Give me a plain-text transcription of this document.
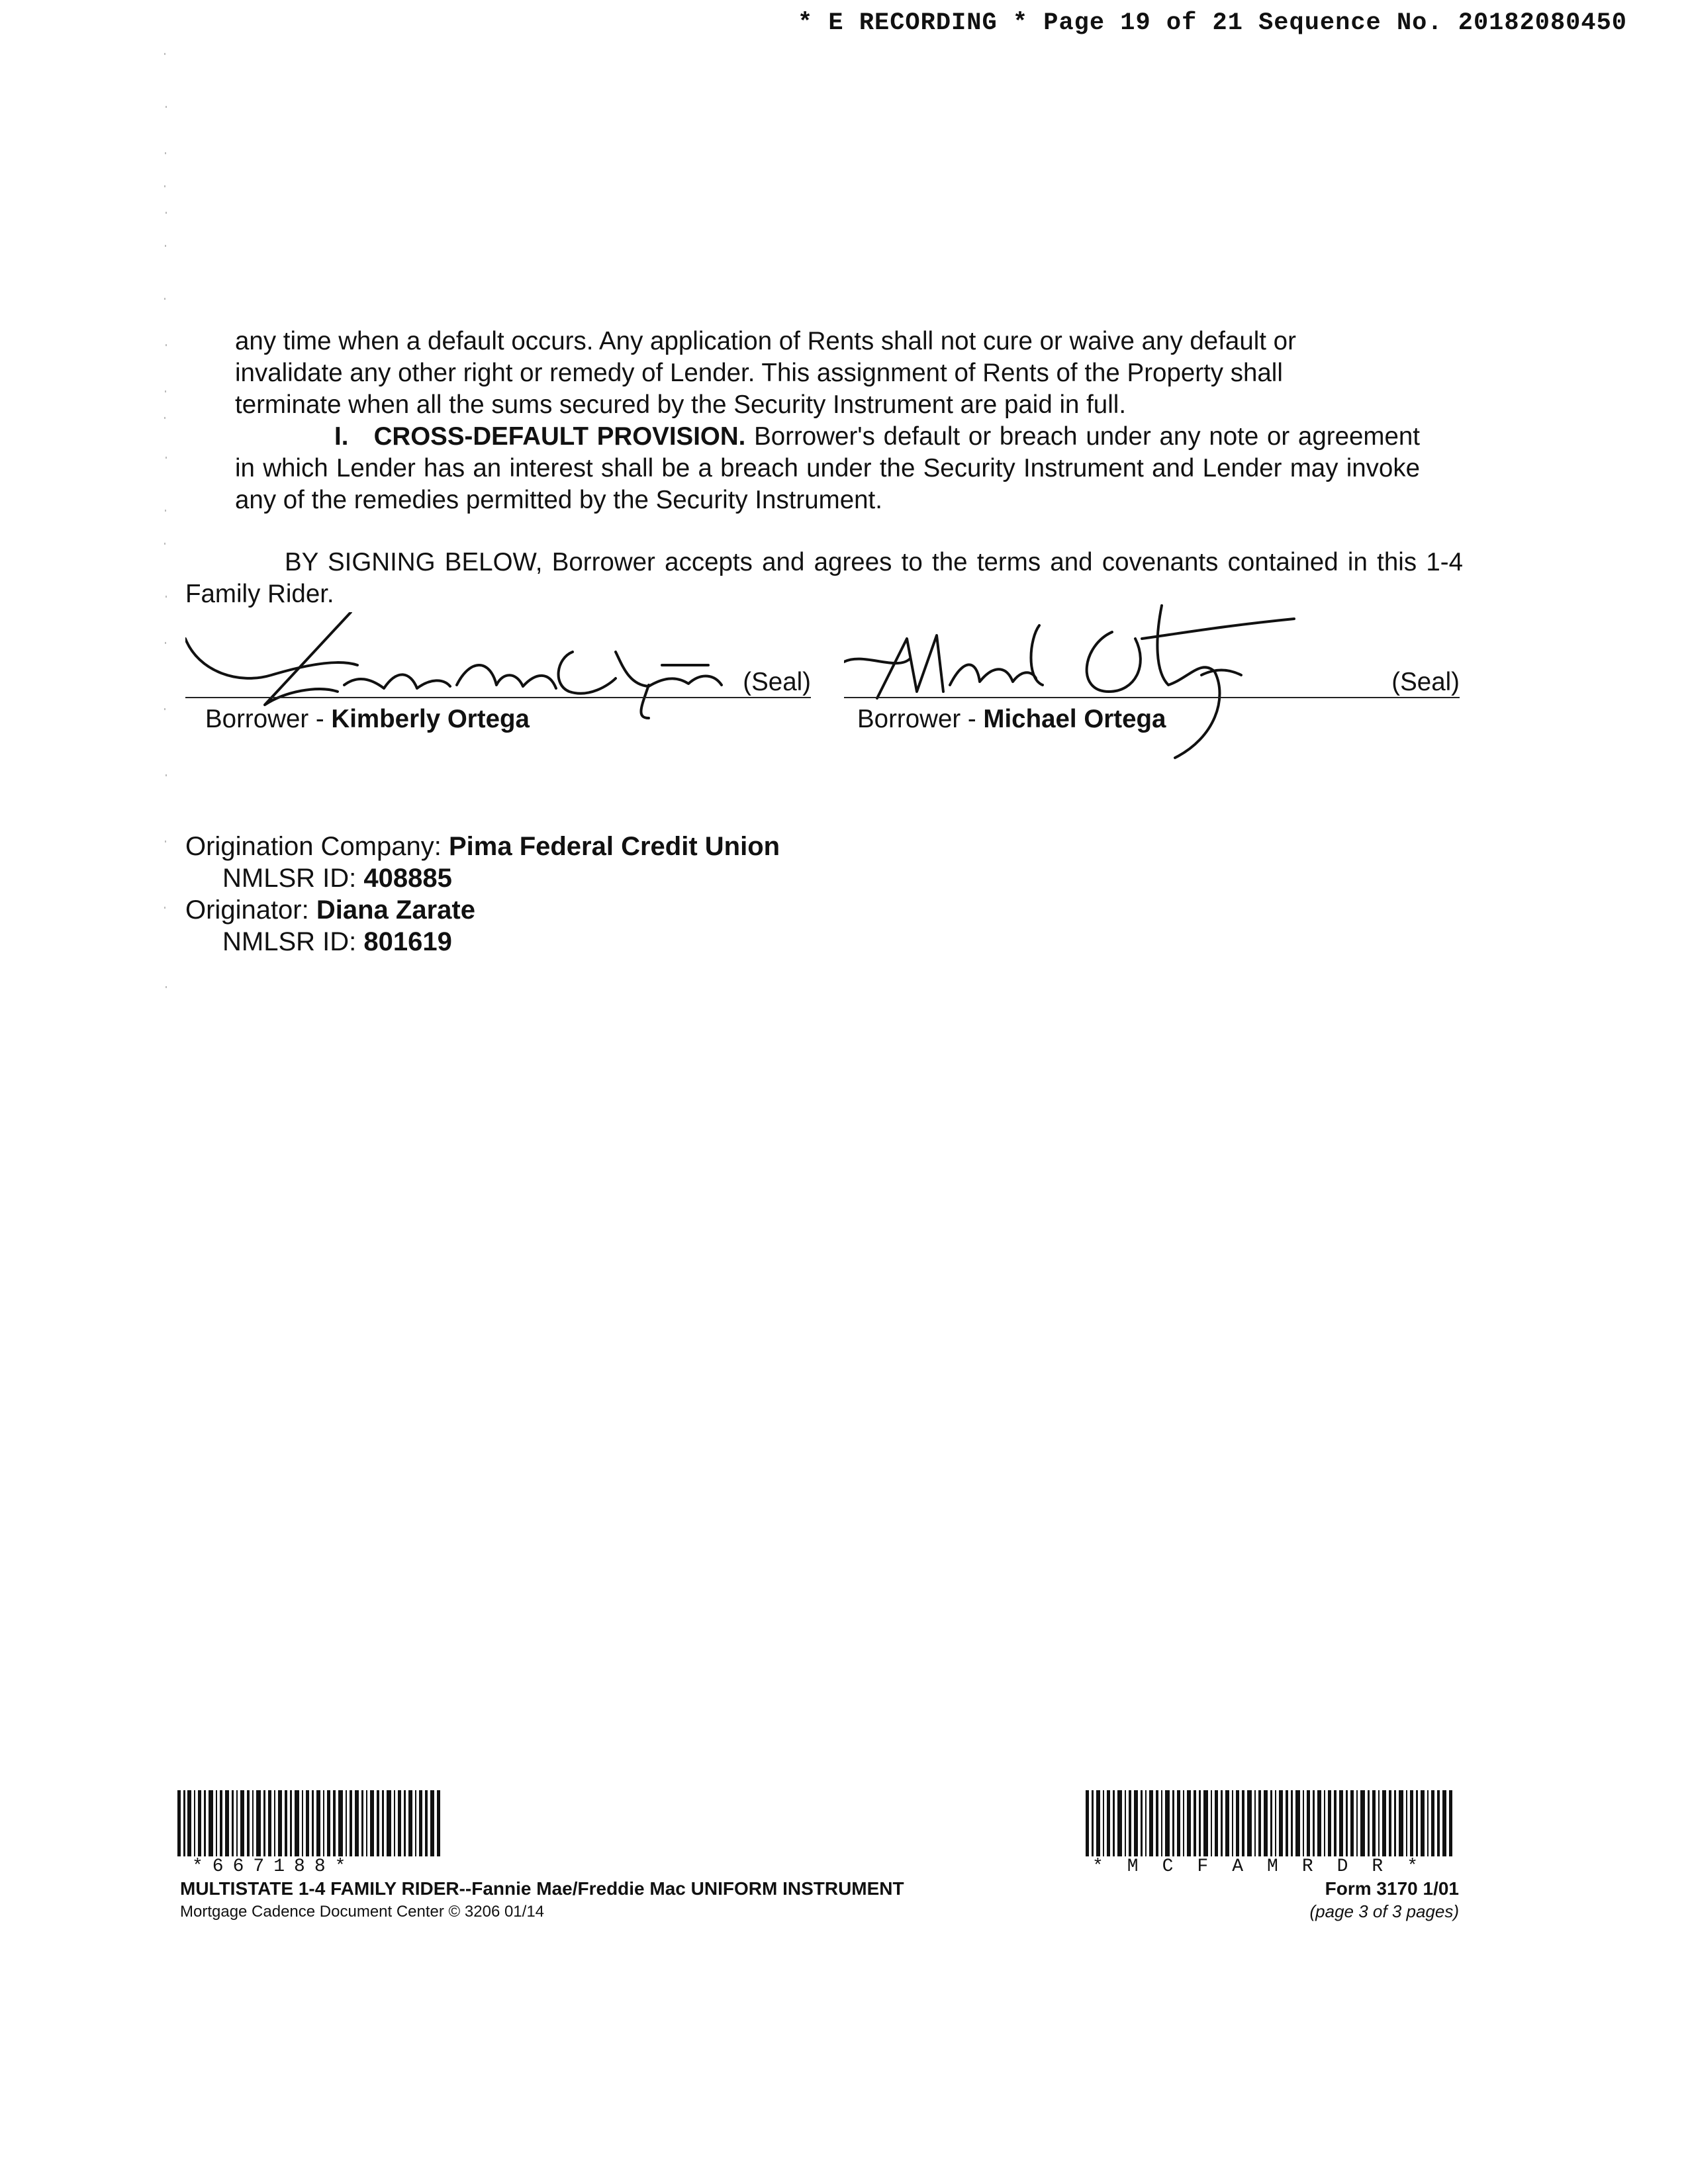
* E RECORDING * Page 19 of 21 Sequence No. 20182080450
any time when a default occurs. Any application of Rents shall not cure or waive any default or
invalidate any other right or remedy of Lender. This assignment of Rents of the Property shall
terminate when all the sums secured by the Security Instrument are paid in full.
I. CROSS-DEFAULT PROVISION. Borrower's default or breach under any note or agreement in which Lender has an interest shall be a breach under the Security Instrument and Lender may invoke any of the remedies permitted by the Security Instrument.
BY SIGNING BELOW, Borrower accepts and agrees to the terms and covenants contained in this 1-4 Family Rider.
(Seal)
Borrower - Kimberly Ortega
(Seal)
Borrower - Michael Ortega
Origination Company: Pima Federal Credit Union
NMLSR ID: 408885
Originator: Diana Zarate
NMLSR ID: 801619
*667188*
MULTISTATE 1-4 FAMILY RIDER--Fannie Mae/Freddie Mac UNIFORM INSTRUMENT
Mortgage Cadence Document Center © 3206 01/14
*MCFAMRDR*
Form 3170 1/01
(page 3 of 3 pages)
